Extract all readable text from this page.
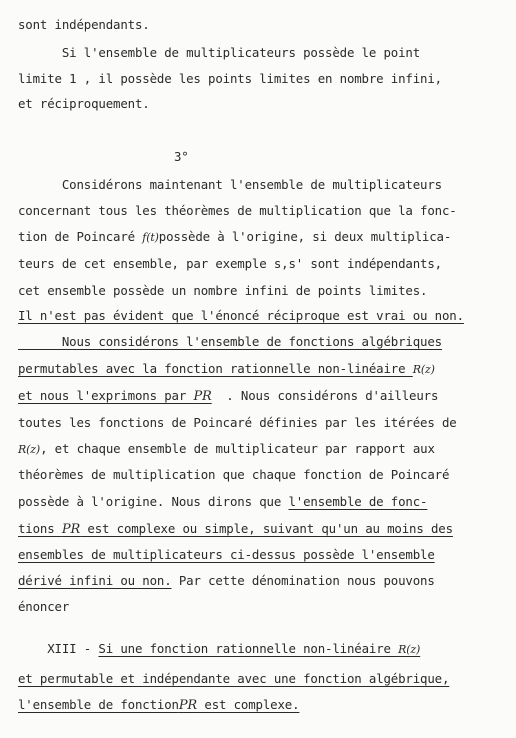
sont indépendants.
Si l'ensemble de multiplicateurs possède le point
limite 1 , il possède les points limites en nombre infini,
et réciproquement.
3°
Considérons maintenant l'ensemble de multiplicateurs
concernant tous les théorèmes de multiplication que la fonc-
tion de Poincaré f(t)possède à l'origine, si deux multiplica-
teurs de cet ensemble, par exemple s,s' sont indépendants,
cet ensemble possède un nombre infini de points limites.
Il n'est pas évident que l'énoncé réciproque est vrai ou non.
Nous considérons l'ensemble de fonctions algébriques
permutables avec la fonction rationnelle non-linéaire R(z)
et nous l'exprimons par PR  . Nous considérons d'ailleurs
toutes les fonctions de Poincaré définies par les itérées de
R(z), et chaque ensemble de multiplicateur par rapport aux
théorèmes de multiplication que chaque fonction de Poincaré
possède à l'origine. Nous dirons que l'ensemble de fonc-
tions PR est complexe ou simple, suivant qu'un au moins des
ensembles de multiplicateurs ci-dessus possède l'ensemble
dérivé infini ou non. Par cette dénomination nous pouvons
énoncer
XIII - Si une fonction rationnelle non-linéaire R(z)
et permutable et indépendante avec une fonction algébrique,
l'ensemble de fonctionPR est complexe.
